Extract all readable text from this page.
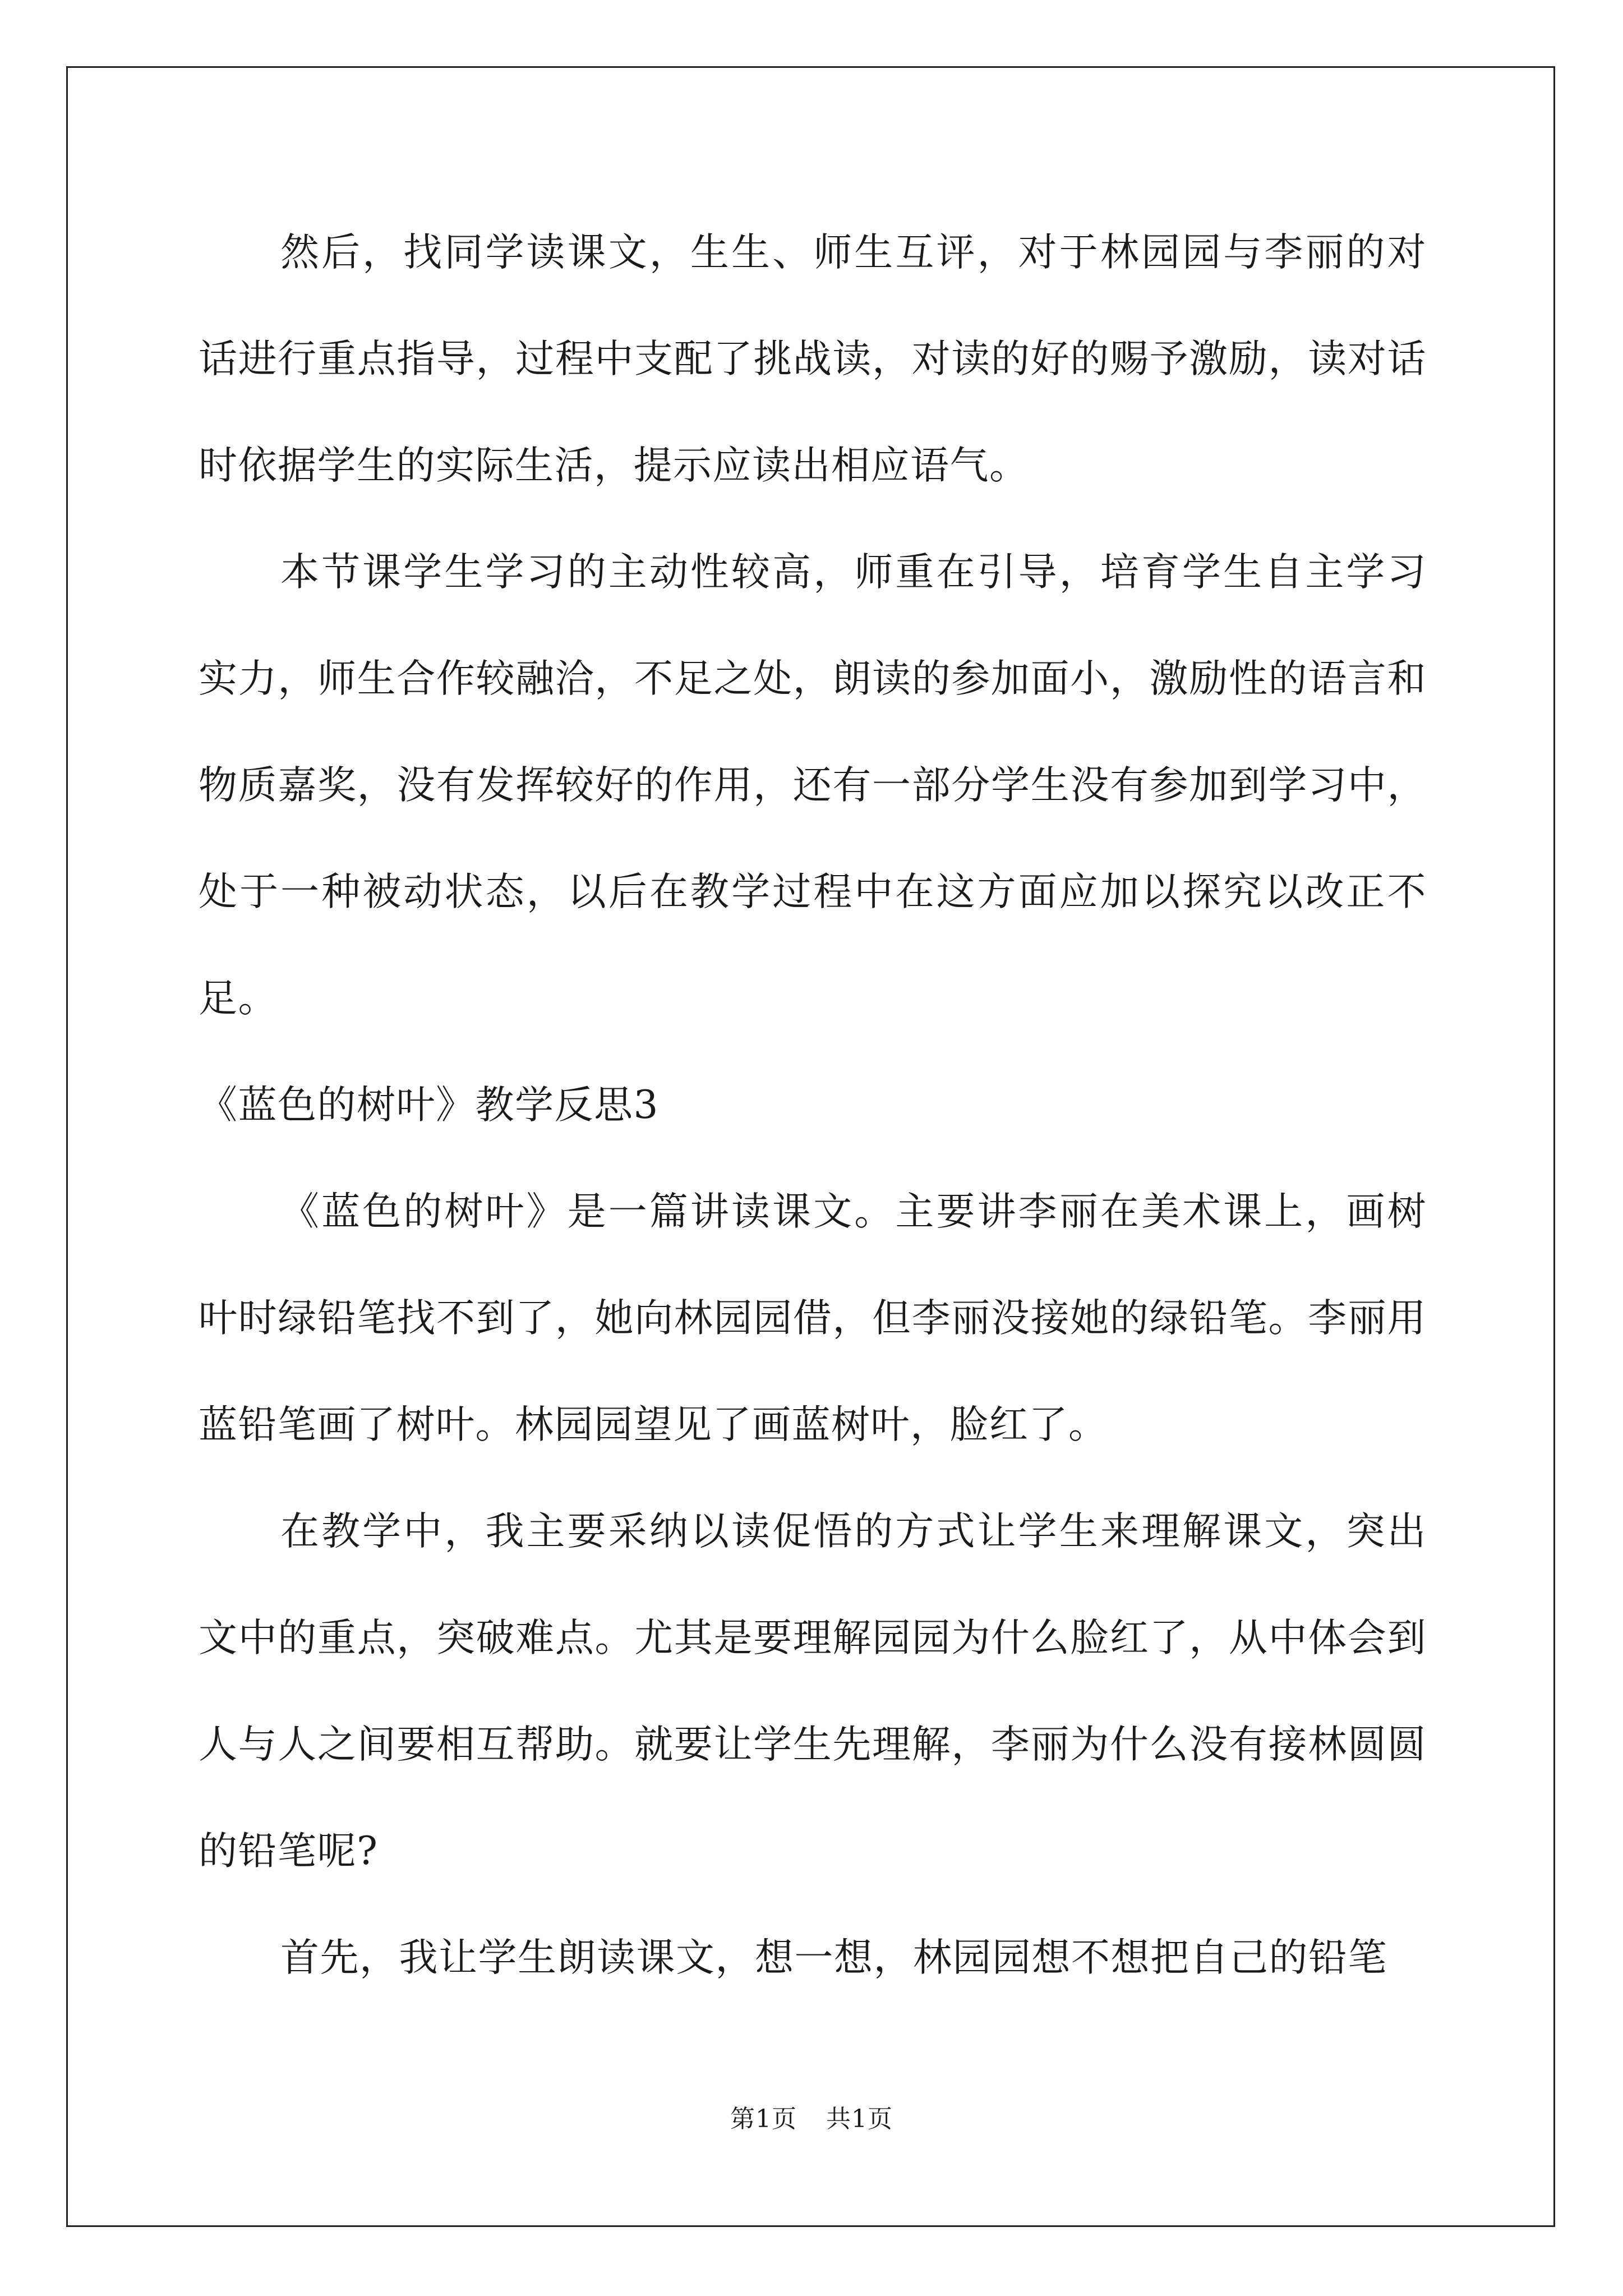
然后，找同学读课文，生生、师生互评，对于林园园与李丽的对话进行重点指导，过程中支配了挑战读，对读的好的赐予激励，读对话时依据学生的实际生活，提示应读出相应语气。

本节课学生学习的主动性较高，师重在引导，培育学生自主学习实力，师生合作较融洽，不足之处，朗读的参加面小，激励性的语言和物质嘉奖，没有发挥较好的作用，还有一部分学生没有参加到学习中，处于一种被动状态，以后在教学过程中在这方面应加以探究以改正不足。

《蓝色的树叶》教学反思3

《蓝色的树叶》是一篇讲读课文。主要讲李丽在美术课上，画树叶时绿铅笔找不到了，她向林园园借，但李丽没接她的绿铅笔。李丽用蓝铅笔画了树叶。林园园望见了画蓝树叶，脸红了。

在教学中，我主要采纳以读促悟的方式让学生来理解课文，突出文中的重点，突破难点。尤其是要理解园园为什么脸红了，从中体会到人与人之间要相互帮助。就要让学生先理解，李丽为什么没有接林圆圆的铅笔呢?

首先，我让学生朗读课文，想一想，林园园想不想把自己的铅笔

第1页 共1页
